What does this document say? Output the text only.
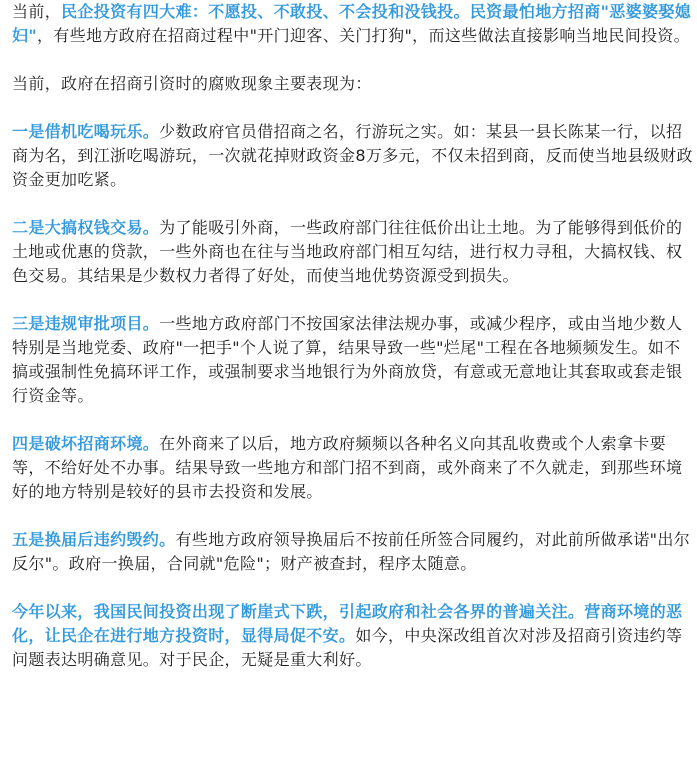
当前，民企投资有四大难：不愿投、不敢投、不会投和没钱投。民资最怕地方招商"恶婆婆娶媳妇"，有些地方政府在招商过程中"开门迎客、关门打狗"，而这些做法直接影响当地民间投资。

当前，政府在招商引资时的腐败现象主要表现为：

一是借机吃喝玩乐。少数政府官员借招商之名，行游玩之实。如：某县一县长陈某一行，以招商为名，到江浙吃喝游玩，一次就花掉财政资金8万多元，不仅未招到商，反而使当地县级财政资金更加吃紧。

二是大搞权钱交易。为了能吸引外商，一些政府部门往往低价出让土地。为了能够得到低价的土地或优惠的贷款，一些外商也在往与当地政府部门相互勾结，进行权力寻租，大搞权钱、权色交易。其结果是少数权力者得了好处，而使当地优势资源受到损失。

三是违规审批项目。一些地方政府部门不按国家法律法规办事，或减少程序，或由当地少数人特别是当地党委、政府"一把手"个人说了算，结果导致一些"烂尾"工程在各地频频发生。如不搞或强制性免搞环评工作，或强制要求当地银行为外商放贷，有意或无意地让其套取或套走银行资金等。

四是破坏招商环境。在外商来了以后，地方政府频频以各种名义向其乱收费或个人索拿卡要等，不给好处不办事。结果导致一些地方和部门招不到商，或外商来了不久就走，到那些环境好的地方特别是较好的县市去投资和发展。

五是换届后违约毁约。有些地方政府领导换届后不按前任所签合同履约，对此前所做承诺"出尔反尔"。政府一换届，合同就"危险"；财产被查封，程序太随意。

今年以来，我国民间投资出现了断崖式下跌，引起政府和社会各界的普遍关注。营商环境的恶化，让民企在进行地方投资时，显得局促不安。如今，中央深改组首次对涉及招商引资违约等问题表达明确意见。对于民企，无疑是重大利好。
